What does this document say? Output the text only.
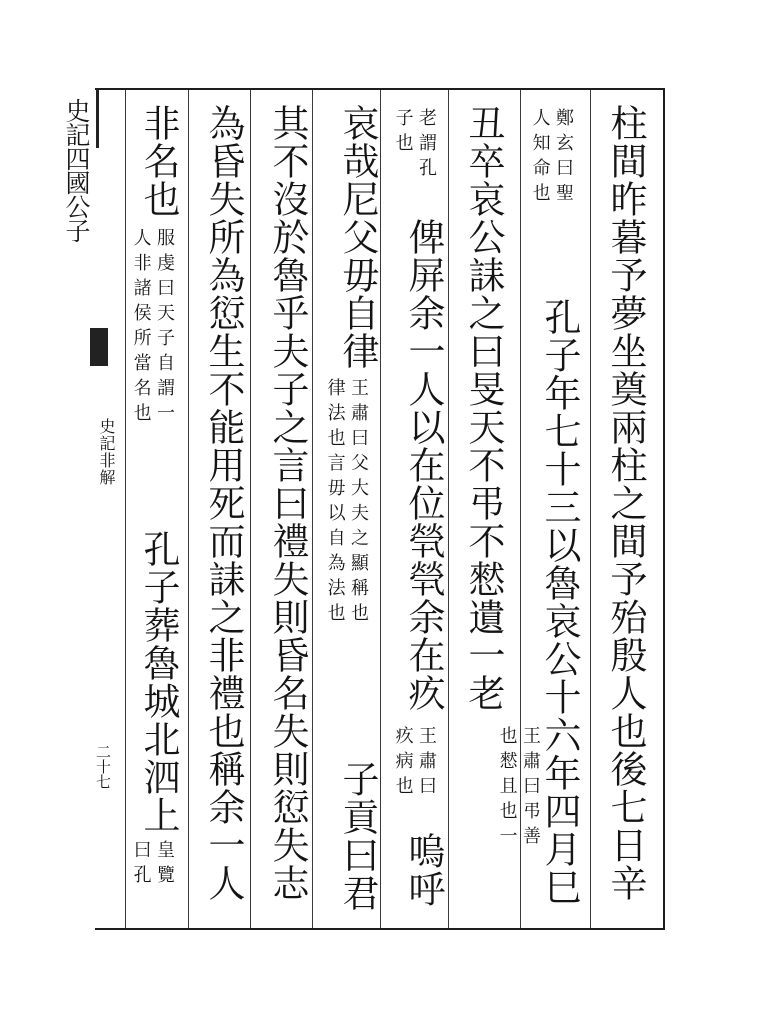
史記四國公子
史記非解
二十七	柱間昨暮予夢坐奠兩柱之間予殆殷人也後七日辛
鄭玄曰聖
人知命也
孔子年七十三以魯哀公十六年四月巳
王肅曰弔善
也憖且也一
丑卒哀公誄之曰旻天不弔不憖遺一老
老謂孔
子也
俾屏余一人以在位煢煢余在疚
王肅曰
疚病也
嗚呼
哀哉尼父毋自律
王肅曰父大夫之顯稱也
律法也言毋以自為法也
子貢曰君
其不沒於魯乎夫子之言曰禮失則昏名失則愆失志
為昏失所為愆生不能用死而誄之非禮也稱余一人
非名也
服虔曰天子自謂一
人非諸侯所當名也
孔子葬魯城北泗上
皇覽
曰孔
